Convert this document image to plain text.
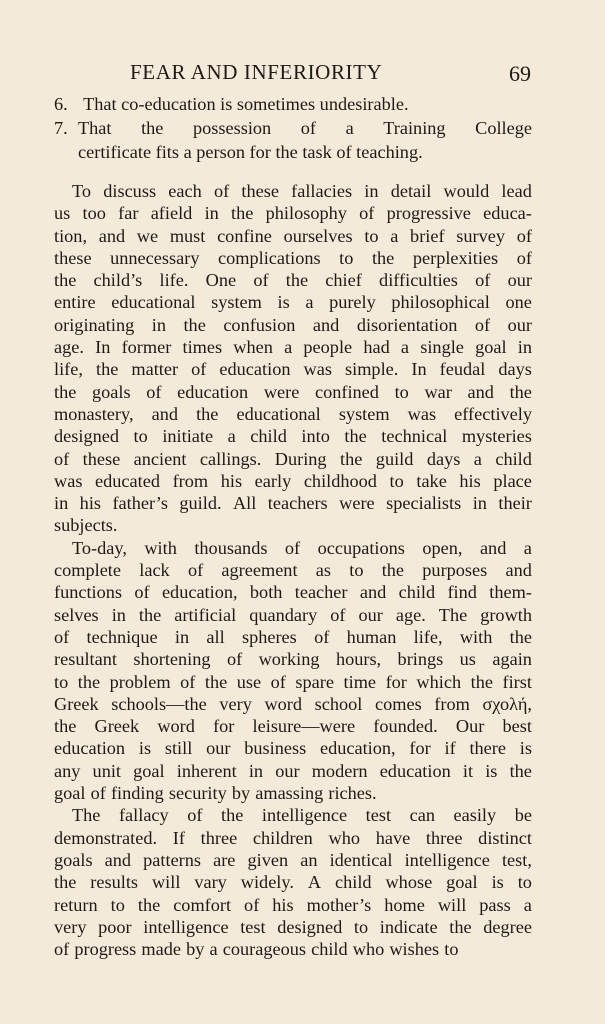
FEAR AND INFERIORITY	69
6. That co-education is sometimes undesirable.
7. That the possession of a Training College
certificate fits a person for the task of teaching.
To discuss each of these fallacies in detail would lead
us too far afield in the philosophy of progressive educa-
tion, and we must confine ourselves to a brief survey of
these unnecessary complications to the perplexities of
the child’s life. One of the chief difficulties of our
entire educational system is a purely philosophical one
originating in the confusion and disorientation of our
age. In former times when a people had a single goal in
life, the matter of education was simple. In feudal days
the goals of education were confined to war and the
monastery, and the educational system was effectively
designed to initiate a child into the technical mysteries
of these ancient callings. During the guild days a child
was educated from his early childhood to take his place
in his father’s guild. All teachers were specialists in their
subjects.
To-day, with thousands of occupations open, and a
complete lack of agreement as to the purposes and
functions of education, both teacher and child find them-
selves in the artificial quandary of our age. The growth
of technique in all spheres of human life, with the
resultant shortening of working hours, brings us again
to the problem of the use of spare time for which the first
Greek schools—the very word school comes from σχολή,
the Greek word for leisure—were founded. Our best
education is still our business education, for if there is
any unit goal inherent in our modern education it is the
goal of finding security by amassing riches.
The fallacy of the intelligence test can easily be
demonstrated. If three children who have three distinct
goals and patterns are given an identical intelligence test,
the results will vary widely. A child whose goal is to
return to the comfort of his mother’s home will pass a
very poor intelligence test designed to indicate the degree
of progress made by a courageous child who wishes to
